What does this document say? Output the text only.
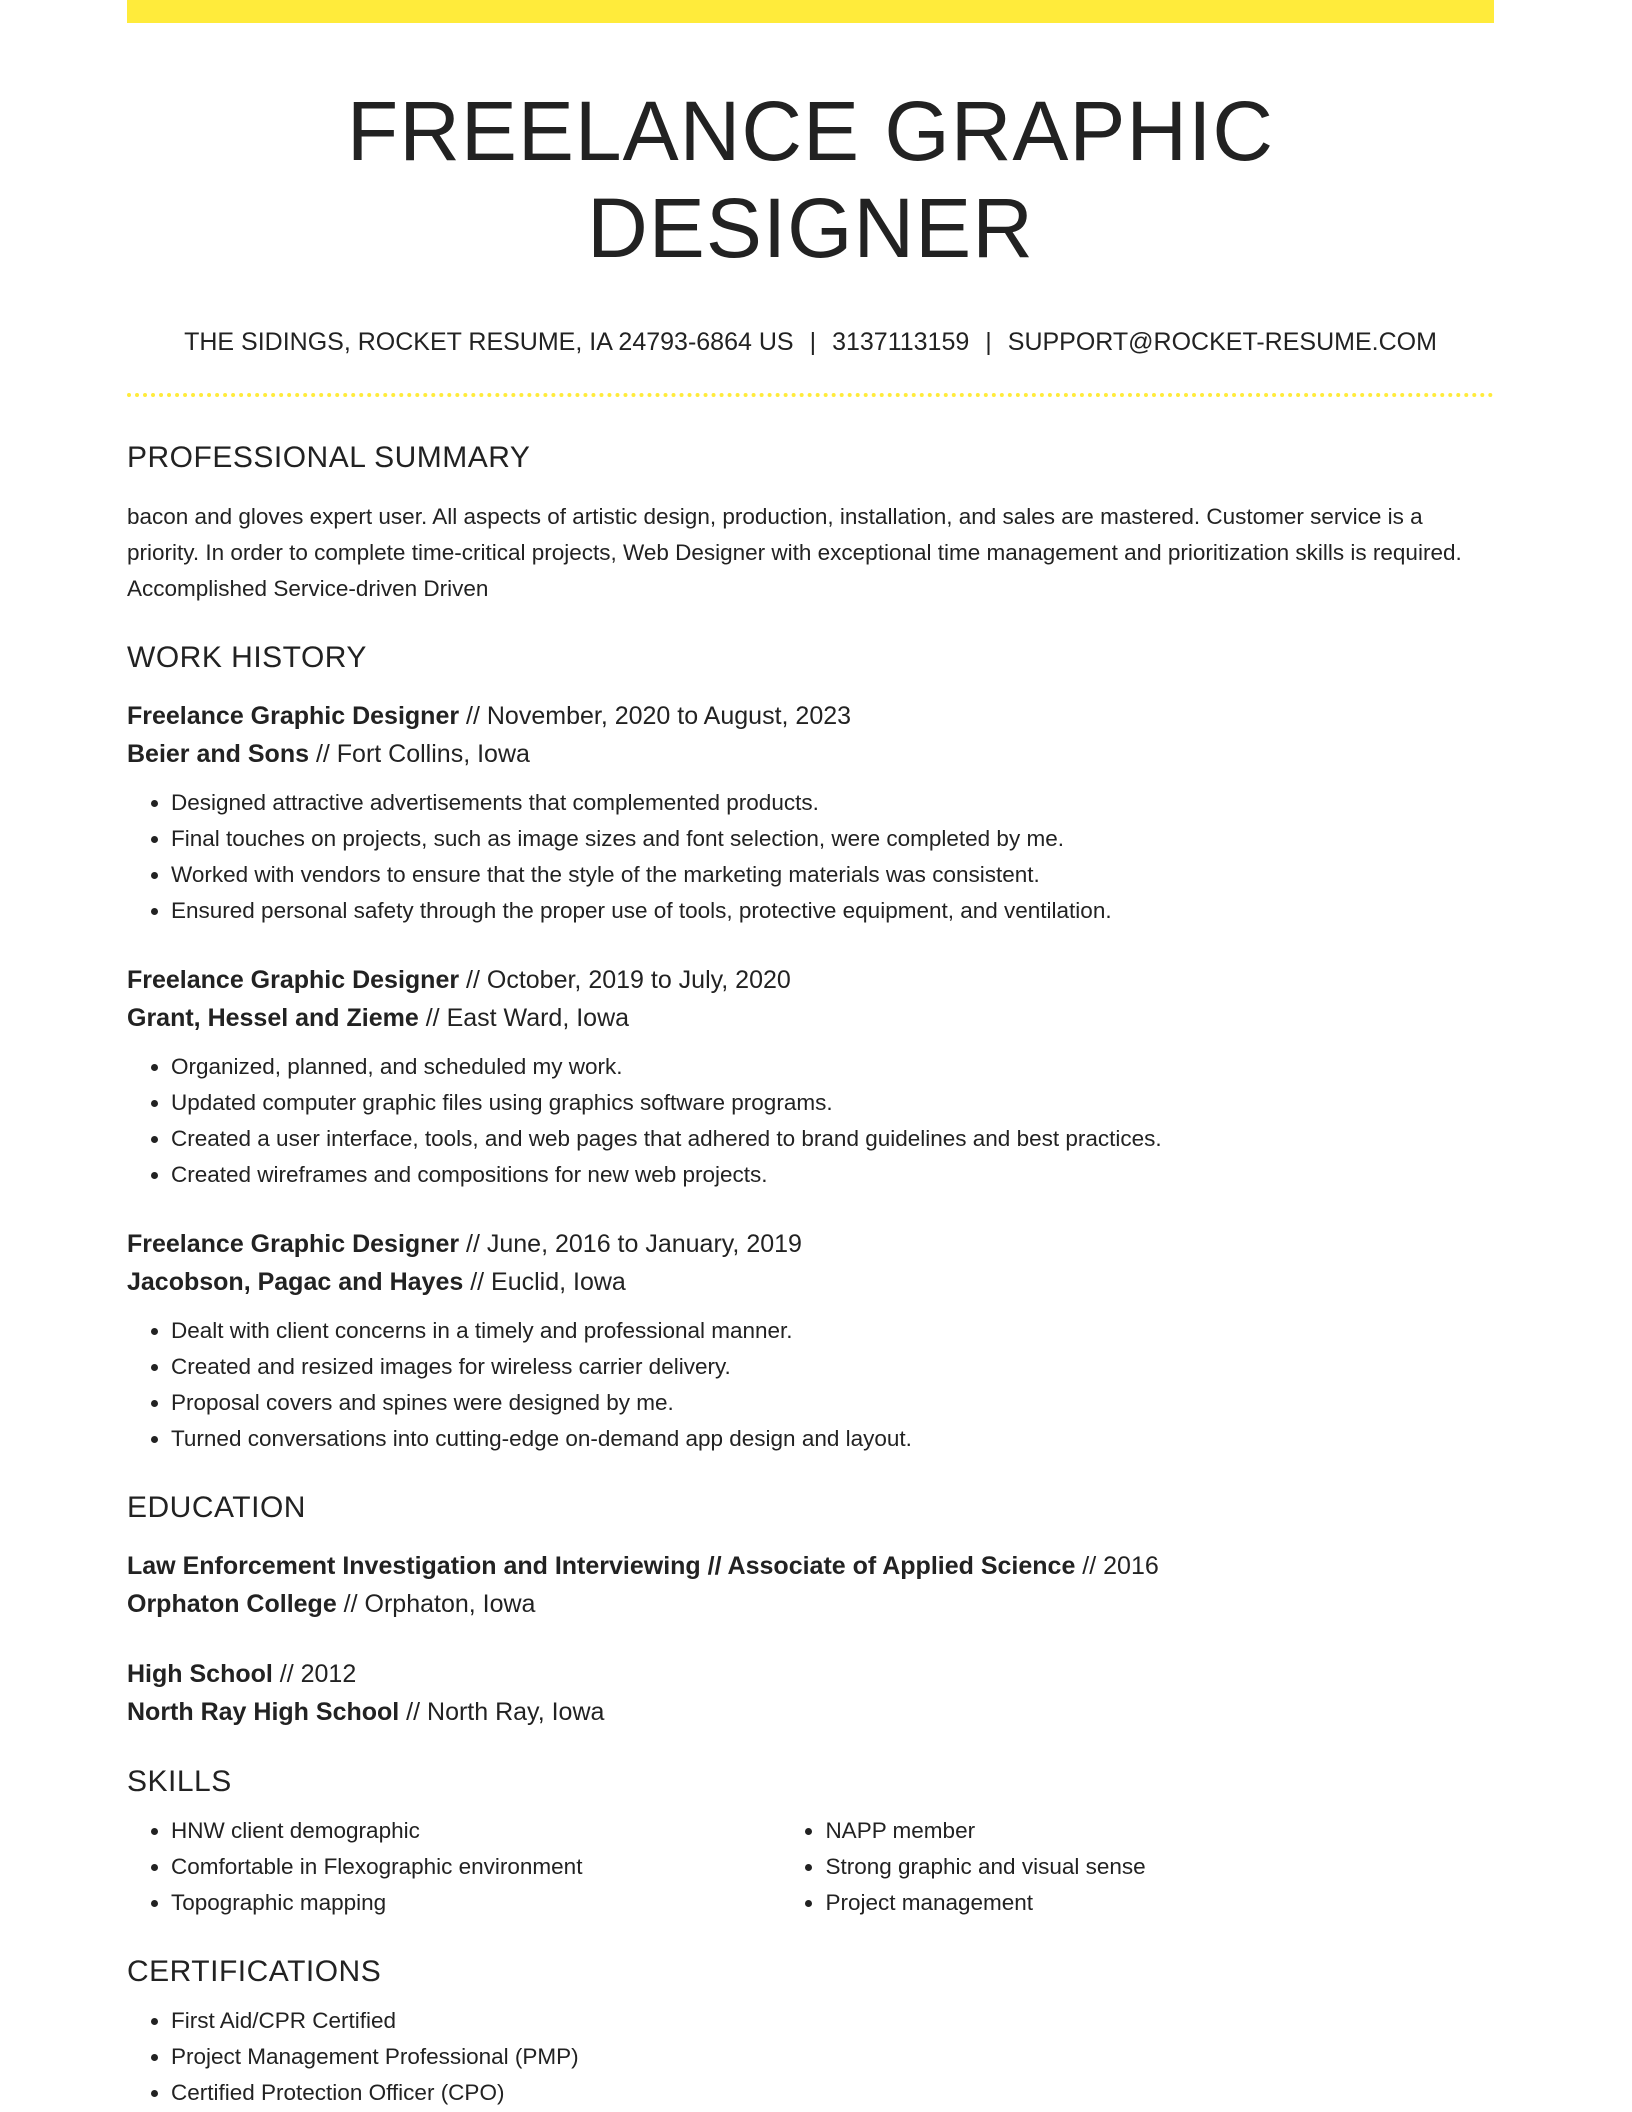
FREELANCE GRAPHIC DESIGNER
THE SIDINGS, ROCKET RESUME, IA 24793-6864 US | 3137113159 | SUPPORT@ROCKET-RESUME.COM
PROFESSIONAL SUMMARY

bacon and gloves expert user. All aspects of artistic design, production, installation, and sales are mastered. Customer service is a priority. In order to complete time-critical projects, Web Designer with exceptional time management and prioritization skills is required. Accomplished Service-driven Driven

WORK HISTORY
Freelance Graphic Designer // November, 2020 to August, 2023
Beier and Sons // Fort Collins, Iowa
• Designed attractive advertisements that complemented products.
• Final touches on projects, such as image sizes and font selection, were completed by me.
• Worked with vendors to ensure that the style of the marketing materials was consistent.
• Ensured personal safety through the proper use of tools, protective equipment, and ventilation.
Freelance Graphic Designer // October, 2019 to July, 2020
Grant, Hessel and Zieme // East Ward, Iowa
• Organized, planned, and scheduled my work.
• Updated computer graphic files using graphics software programs.
• Created a user interface, tools, and web pages that adhered to brand guidelines and best practices.
• Created wireframes and compositions for new web projects.
Freelance Graphic Designer // June, 2016 to January, 2019
Jacobson, Pagac and Hayes // Euclid, Iowa
• Dealt with client concerns in a timely and professional manner.
• Created and resized images for wireless carrier delivery.
• Proposal covers and spines were designed by me.
• Turned conversations into cutting-edge on-demand app design and layout.
EDUCATION
Law Enforcement Investigation and Interviewing // Associate of Applied Science // 2016
Orphaton College // Orphaton, Iowa
High School // 2012
North Ray High School // North Ray, Iowa
SKILLS
• HNW client demographic
• Comfortable in Flexographic environment
• Topographic mapping
• NAPP member
• Strong graphic and visual sense
• Project management
CERTIFICATIONS
• First Aid/CPR Certified
• Project Management Professional (PMP)
• Certified Protection Officer (CPO)
